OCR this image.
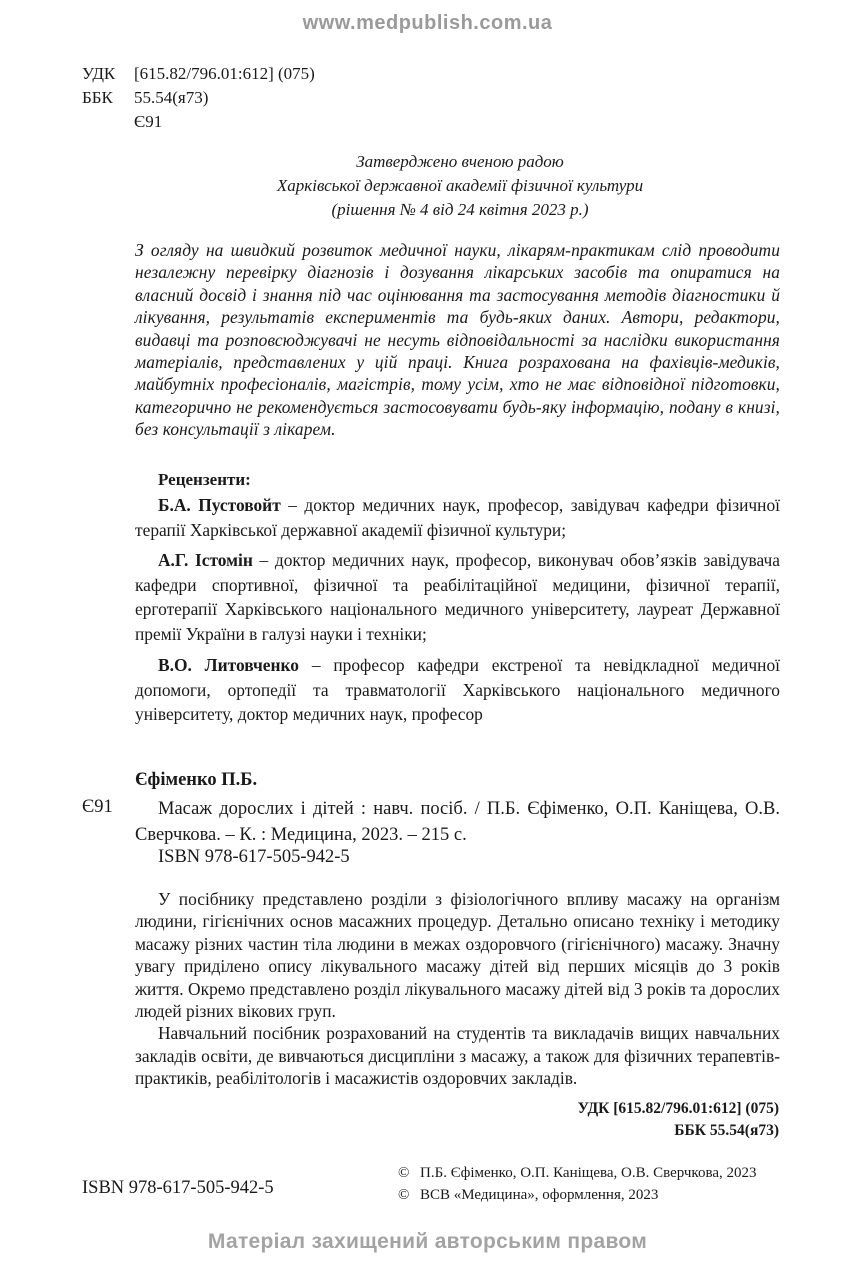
www.medpublish.com.ua
УДК	[615.82/796.01:612] (075)
ББК	55.54(я73)
Є91
Затверджено вченою радою
Харківської державної академії фізичної культури
(рішення № 4 від 24 квітня 2023 р.)
З огляду на швидкий розвиток медичної науки, лікарям-практикам слід проводити незалежну перевірку діагнозів і дозування лікарських засобів та опиратися на власний досвід і знання під час оцінювання та застосування методів діагностики й лікування, результатів експериментів та будь-яких даних. Автори, редактори, видавці та розповсюджувачі не несуть відповідальності за наслідки використання матеріалів, представлених у цій праці. Книга розрахована на фахівців-медиків, майбутніх професіоналів, магістрів, тому усім, хто не має відповідної підготовки, категорично не рекомендується застосовувати будь-яку інформацію, подану в книзі, без консультації з лікарем.
Рецензенти:
Б.А. Пустовойт – доктор медичних наук, професор, завідувач кафедри фізичної терапії Харківської державної академії фізичної культури;
А.Г. Істомін – доктор медичних наук, професор, виконувач обов’язків завідувача кафедри спортивної, фізичної та реабілітаційної медицини, фізичної терапії, ерготерапії Харківського національного медичного університету, лауреат Державної премії України в галузі науки і техніки;
В.О. Литовченко – професор кафедри екстреної та невідкладної медичної допомоги, ортопедії та травматології Харківського національного медичного університету, доктор медичних наук, професор
Єфіменко П.Б.
Є91	Масаж дорослих і дітей : навч. посіб. / П.Б. Єфіменко, О.П. Каніщева, О.В. Сверчкова. – К. : Медицина, 2023. – 215 с.
ISBN 978-617-505-942-5

У посібнику представлено розділи з фізіологічного впливу масажу на організм людини, гігієнічних основ масажних процедур. Детально описано техніку і методику масажу різних частин тіла людини в межах оздоровчого (гігієнічного) масажу. Значну увагу приділено опису лікувального масажу дітей від перших місяців до 3 років життя. Окремо представлено розділ лікувального масажу дітей від 3 років та дорослих людей різних вікових груп.

Навчальний посібник розрахований на студентів та викладачів вищих навчальних закладів освіти, де вивчаються дисципліни з масажу, а також для фізичних терапевтів-практиків, реабілітологів і масажистів оздоровчих закладів.

УДК [615.82/796.01:612] (075)
ББК 55.54(я73)
ISBN 978-617-505-942-5
© П.Б. Єфіменко, О.П. Каніщева, О.В. Сверчкова, 2023
© ВСВ «Медицина», оформлення, 2023
Матеріал захищений авторським правом
